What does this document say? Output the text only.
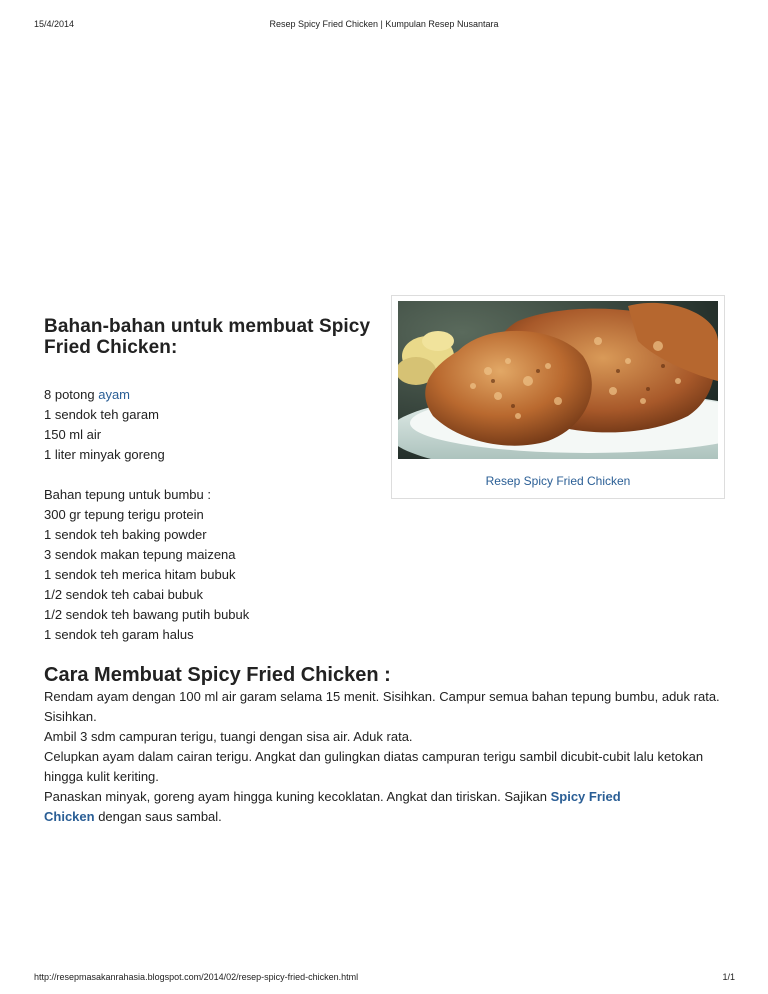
15/4/2014	Resep Spicy Fried Chicken | Kumpulan Resep Nusantara
Resep Spicy Fried Chicken
Bahan-bahan untuk membuat Spicy Fried Chicken:
8 potong ayam
1 sendok teh garam
150 ml air
1 liter minyak goreng
Bahan tepung untuk bumbu :
300 gr tepung terigu protein
1 sendok teh baking powder
3 sendok makan tepung maizena
1 sendok teh merica hitam bubuk
1/2 sendok teh cabai bubuk
1/2 sendok teh bawang putih bubuk
1 sendok teh garam halus
Cara Membuat Spicy Fried Chicken :
Rendam ayam dengan 100 ml air garam selama 15 menit. Sisihkan. Campur semua bahan tepung bumbu, aduk rata.
Sisihkan.
Ambil 3 sdm campuran terigu, tuangi dengan sisa air. Aduk rata.
Celupkan ayam dalam cairan terigu. Angkat dan gulingkan diatas campuran terigu sambil dicubit-cubit lalu ketokan
hingga kulit keriting.
Panaskan minyak, goreng ayam hingga kuning kecoklatan. Angkat dan tiriskan. Sajikan Spicy Fried
Chicken dengan saus sambal.
http://resepmasakanrahasia.blogspot.com/2014/02/resep-spicy-fried-chicken.html	1/1
